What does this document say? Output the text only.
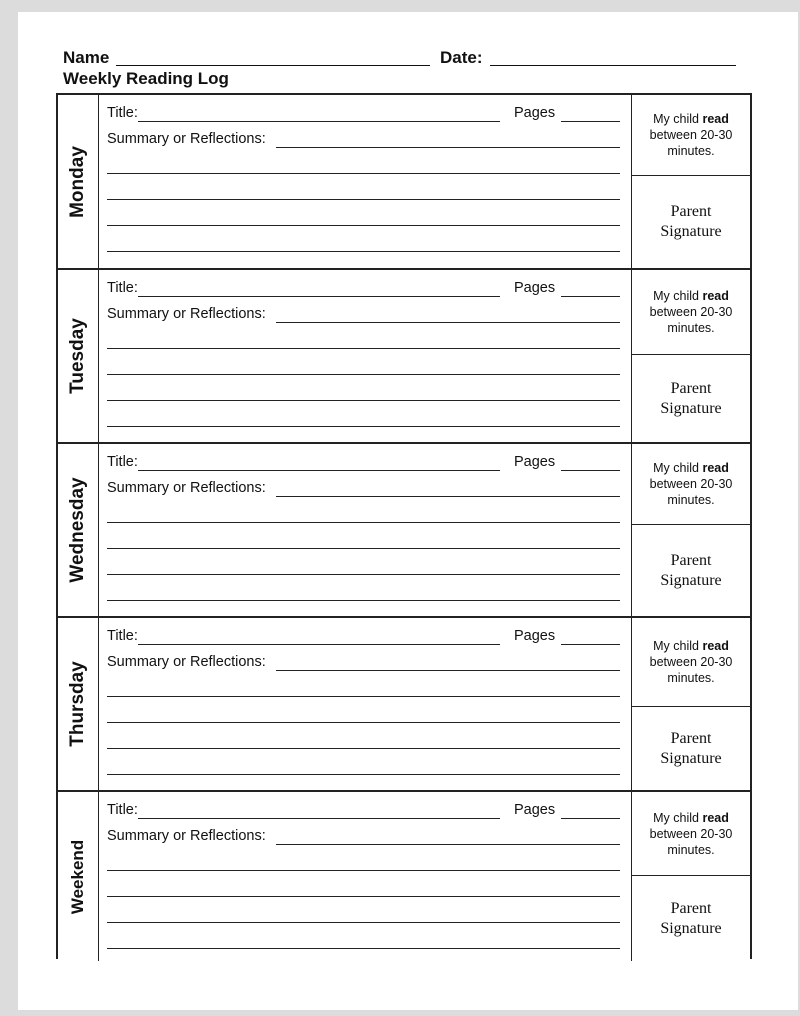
Name	Date:
Weekly Reading Log
Monday
Title:	Pages
Summary or Reflections:
My child read
between 20-30
minutes.
Parent
Signature
Tuesday
Title:	Pages
Summary or Reflections:
My child read
between 20-30
minutes.
Parent
Signature
Wednesday
Title:	Pages
Summary or Reflections:
My child read
between 20-30
minutes.
Parent
Signature
Thursday
Title:	Pages
Summary or Reflections:
My child read
between 20-30
minutes.
Parent
Signature
Weekend
Title:	Pages
Summary or Reflections:
My child read
between 20-30
minutes.
Parent
Signature
